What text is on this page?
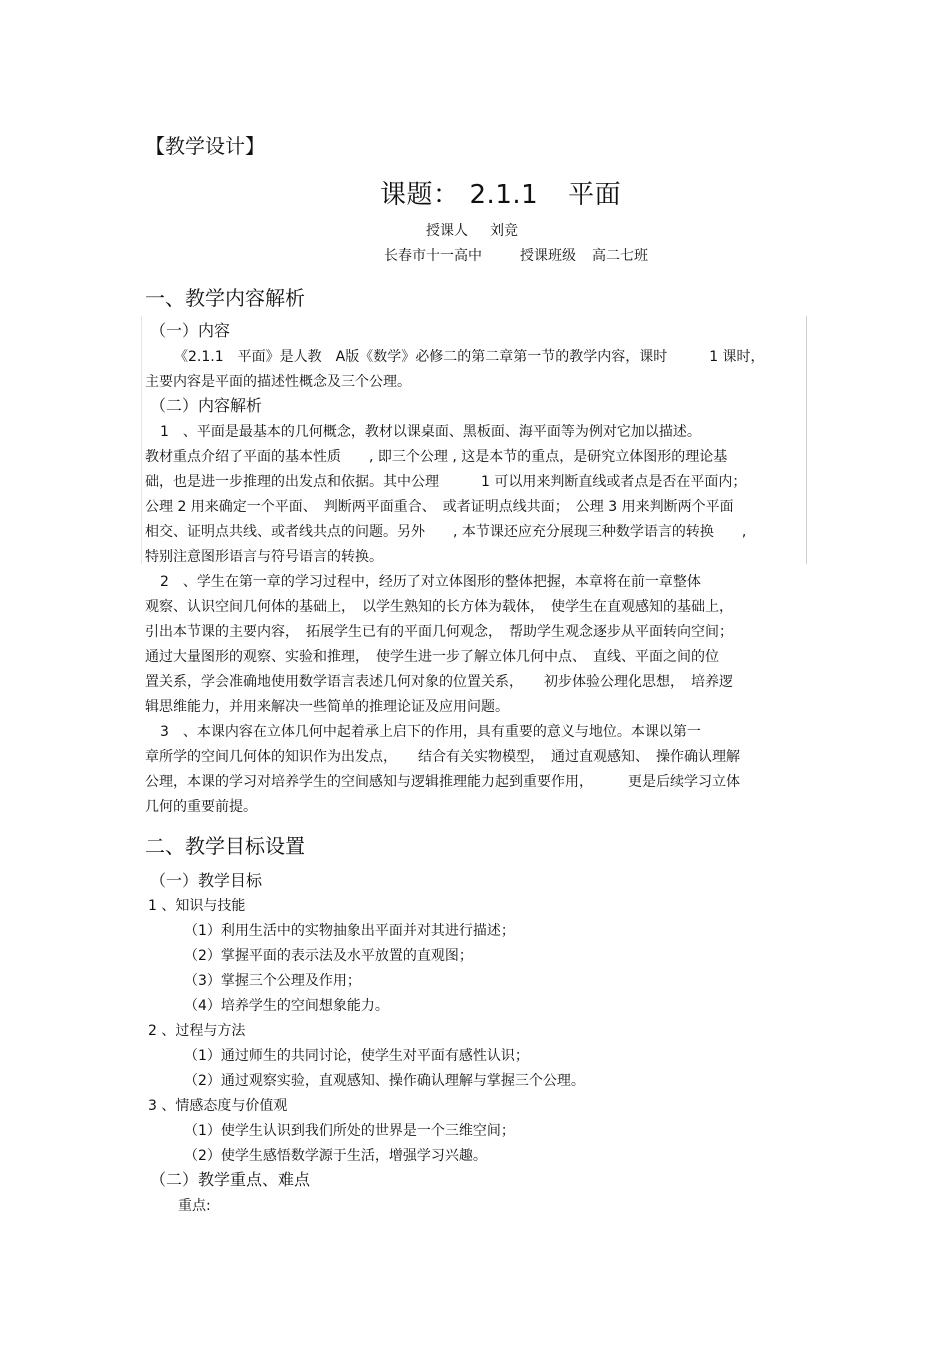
【教学设计】
课题： 2.1.1 平面
授课人 刘竞
长春市十一高中	授课班级 高二七班
一、教学内容解析
（一）内容
《2.1.1　平面》是人教　A版《数学》必修二的第二章第一节的教学内容，课时　　　1 课时，
主要内容是平面的描述性概念及三个公理。
（二）内容解析
1　、平面是最基本的几何概念，教材以课桌面、黑板面、海平面等为例对它加以描述。
教材重点介绍了平面的基本性质　　, 即三个公理 , 这是本节的重点，是研究立体图形的理论基
础，也是进一步推理的出发点和依据。其中公理　　　1 可以用来判断直线或者点是否在平面内；
公理 2 用来确定一个平面、　判断两平面重合、　或者证明点线共面；　公理 3 用来判断两个平面
相交、证明点共线、或者线共点的问题。另外　　, 本节课还应充分展现三种数学语言的转换　　,
特别注意图形语言与符号语言的转换。
2　、学生在第一章的学习过程中，经历了对立体图形的整体把握，本章将在前一章整体
观察、认识空间几何体的基础上，　以学生熟知的长方体为载体，　使学生在直观感知的基础上，
引出本节课的主要内容，　拓展学生已有的平面几何观念，　帮助学生观念逐步从平面转向空间；
通过大量图形的观察、实验和推理，　使学生进一步了解立体几何中点、　直线、平面之间的位
置关系，学会准确地使用数学语言表述几何对象的位置关系，　　初步体验公理化思想，　培养逻
辑思维能力，并用来解决一些简单的推理论证及应用问题。
3　、本课内容在立体几何中起着承上启下的作用，具有重要的意义与地位。本课以第一
章所学的空间几何体的知识作为出发点，　　结合有关实物模型，　通过直观感知、　操作确认理解
公理，本课的学习对培养学生的空间感知与逻辑推理能力起到重要作用，　　　更是后续学习立体
几何的重要前提。
二、教学目标设置
（一）教学目标
1 、知识与技能
（1）利用生活中的实物抽象出平面并对其进行描述；
（2）掌握平面的表示法及水平放置的直观图；
（3）掌握三个公理及作用；
（4）培养学生的空间想象能力。
2 、过程与方法
（1）通过师生的共同讨论，使学生对平面有感性认识；
（2）通过观察实验，直观感知、操作确认理解与掌握三个公理。
3 、情感态度与价值观
（1）使学生认识到我们所处的世界是一个三维空间；
（2）使学生感悟数学源于生活，增强学习兴趣。
（二）教学重点、难点
重点:
